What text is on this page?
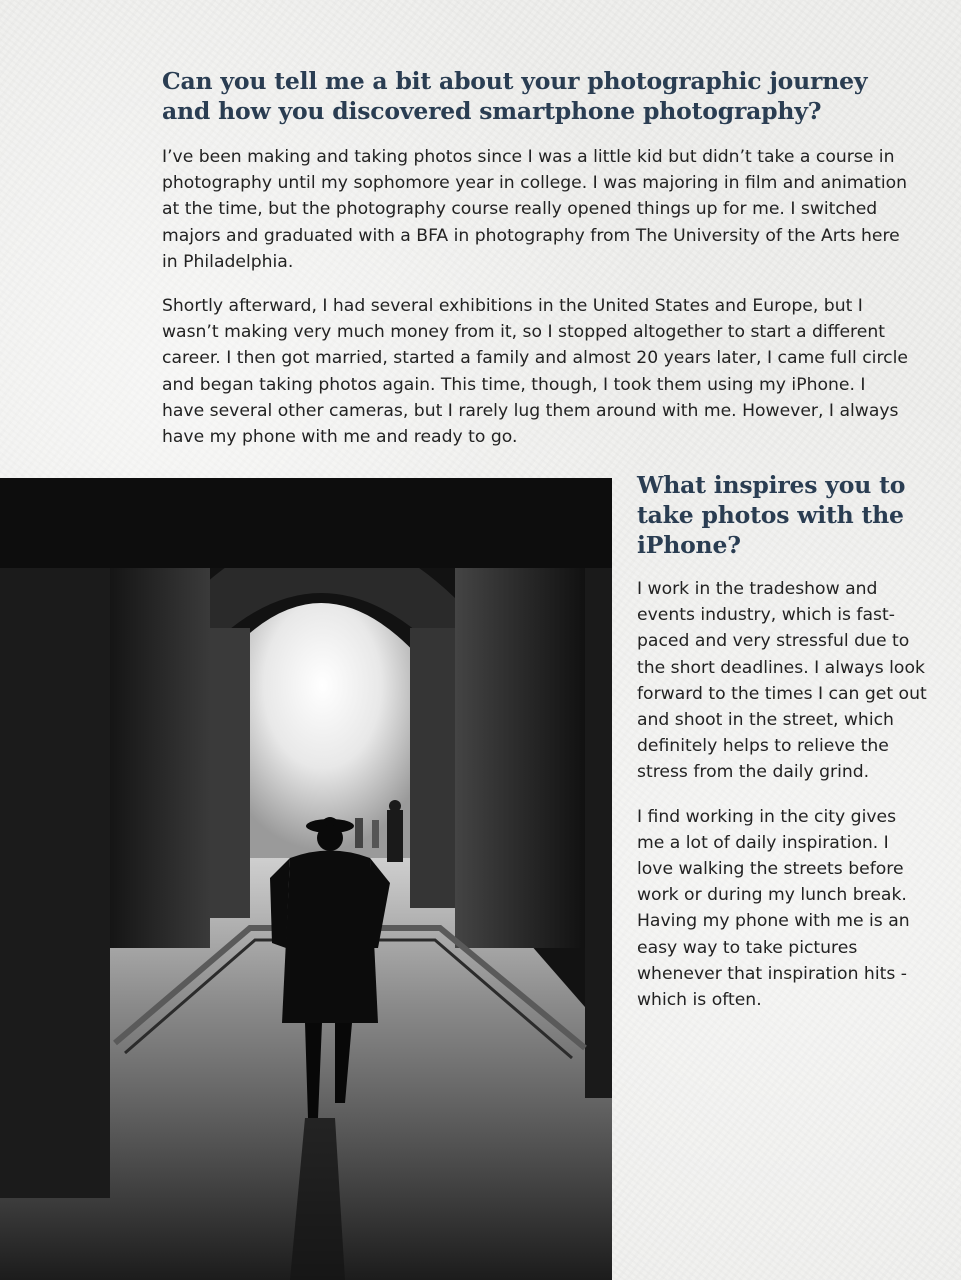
Can you tell me a bit about your photographic journey and how you discovered smartphone photography?

I’ve been making and taking photos since I was a little kid but didn’t take a course in photography until my sophomore year in college. I was majoring in film and animation at the time, but the photography course really opened things up for me. I switched majors and graduated with a BFA in photography from The University of the Arts here in Philadelphia.

Shortly afterward, I had several exhibitions in the United States and Europe, but I wasn’t making very much money from it, so I stopped altogether to start a different career. I then got married, started a family and almost 20 years later, I came full circle and began taking photos again. This time, though, I took them using my iPhone. I have several other cameras, but I rarely lug them around with me. However, I always have my phone with me and ready to go.

What inspires you to take photos with the iPhone?

I work in the tradeshow and events industry, which is fast-paced and very stressful due to the short deadlines. I always look forward to the times I can get out and shoot in the street, which definitely helps to relieve the stress from the daily grind.

I find working in the city gives me a lot of daily inspiration. I love walking the streets before work or during my lunch break. Having my phone with me is an easy way to take pictures whenever that inspiration hits - which is often.
